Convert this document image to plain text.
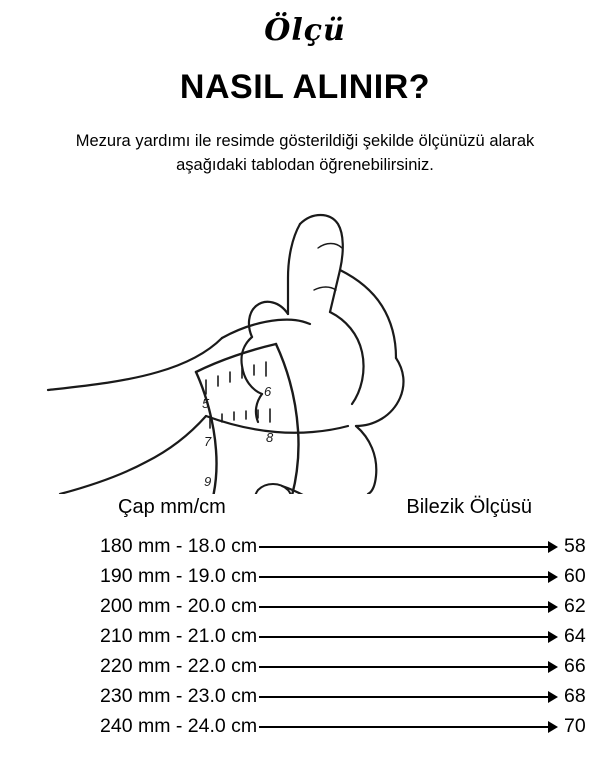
Ölçü
NASIL ALINIR?

Mezura yardımı ile resimde gösterildiği şekilde ölçünüzü alarak aşağıdaki tablodan öğrenebilirsiniz.

5
6
7	8
9
Çap mm/cm	Bilezik Ölçüsü
180 mm - 18.0 cm	58
190 mm - 19.0 cm	60
200 mm - 20.0 cm	62
210 mm - 21.0 cm	64
220 mm - 22.0 cm	66
230 mm - 23.0 cm	68
240 mm - 24.0 cm	70
